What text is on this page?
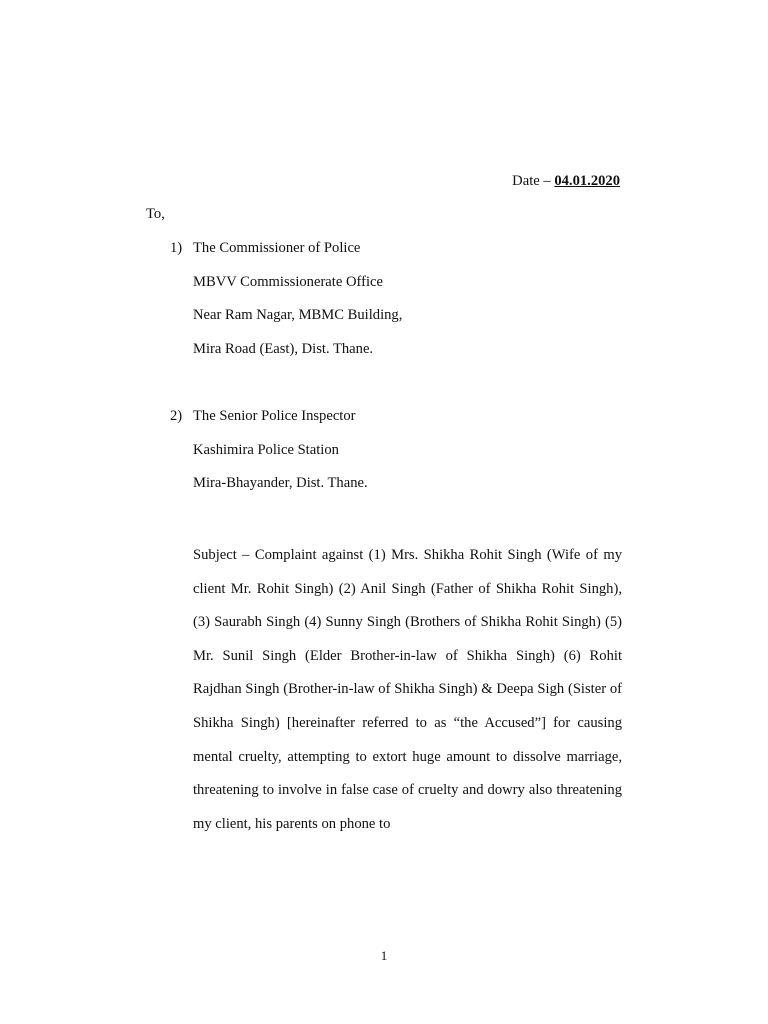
Date – 04.01.2020
To,
1) The Commissioner of Police
MBVV Commissionerate Office
Near Ram Nagar, MBMC Building,
Mira Road (East), Dist. Thane.
2) The Senior Police Inspector
Kashimira Police Station
Mira-Bhayander, Dist. Thane.
Subject – Complaint against (1) Mrs. Shikha Rohit Singh (Wife of my client Mr. Rohit Singh) (2) Anil Singh (Father of Shikha Rohit Singh), (3) Saurabh Singh (4) Sunny Singh (Brothers of Shikha Rohit Singh) (5) Mr. Sunil Singh (Elder Brother-in-law of Shikha Singh) (6) Rohit Rajdhan Singh (Brother-in-law of Shikha Singh) & Deepa Sigh (Sister of Shikha Singh) [hereinafter referred to as “the Accused”] for causing mental cruelty, attempting to extort huge amount to dissolve marriage, threatening to involve in false case of cruelty and dowry also threatening my client, his parents on phone to
1
